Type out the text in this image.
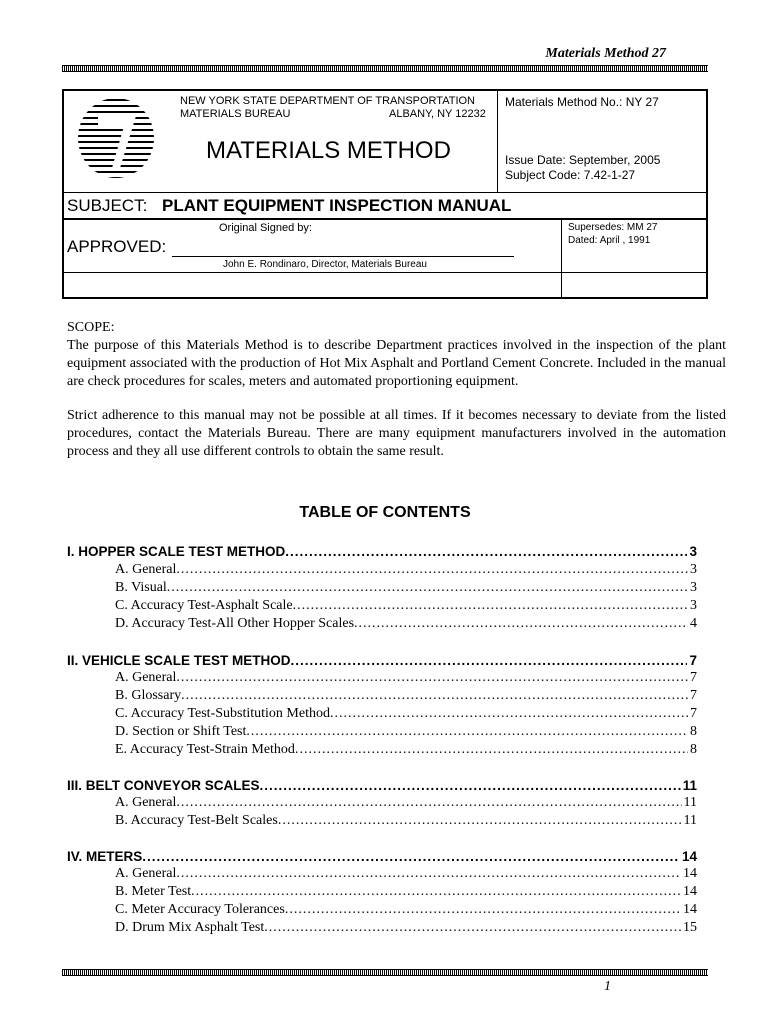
Materials Method 27
NEW YORK STATE DEPARTMENT OF TRANSPORTATION
MATERIALS BUREAU	ALBANY, NY 12232
MATERIALS METHOD
Materials Method No.: NY 27
Issue Date: September, 2005
Subject Code: 7.42-1-27
SUBJECT: PLANT EQUIPMENT INSPECTION MANUAL
Original Signed by:
APPROVED:
John E. Rondinaro, Director, Materials Bureau
Supersedes: MM 27
Dated: April , 1991
SCOPE:
The purpose of this Materials Method is to describe Department practices involved in the inspection of the plant equipment associated with the production of Hot Mix Asphalt and Portland Cement Concrete. Included in the manual are check procedures for scales, meters and automated proportioning equipment.
Strict adherence to this manual may not be possible at all times. If it becomes necessary to deviate from the listed procedures, contact the Materials Bureau. There are many equipment manufacturers involved in the automation process and they all use different controls to obtain the same result.
TABLE OF CONTENTS
I. HOPPER SCALE TEST METHOD .....	3
A. General .....	3
B. Visual .....	3
C. Accuracy Test-Asphalt Scale .....	3
D. Accuracy Test-All Other Hopper Scales .....	4
II. VEHICLE SCALE TEST METHOD .....	7
A. General .....	7
B. Glossary .....	7
C. Accuracy Test-Substitution Method .....	7
D. Section or Shift Test .....	8
E. Accuracy Test-Strain Method .....	8
III. BELT CONVEYOR SCALES .....	11
A. General .....	11
B. Accuracy Test-Belt Scales .....	11
IV. METERS .....	14
A. General .....	14
B. Meter Test .....	14
C. Meter Accuracy Tolerances .....	14
D. Drum Mix Asphalt Test .....	15
1
